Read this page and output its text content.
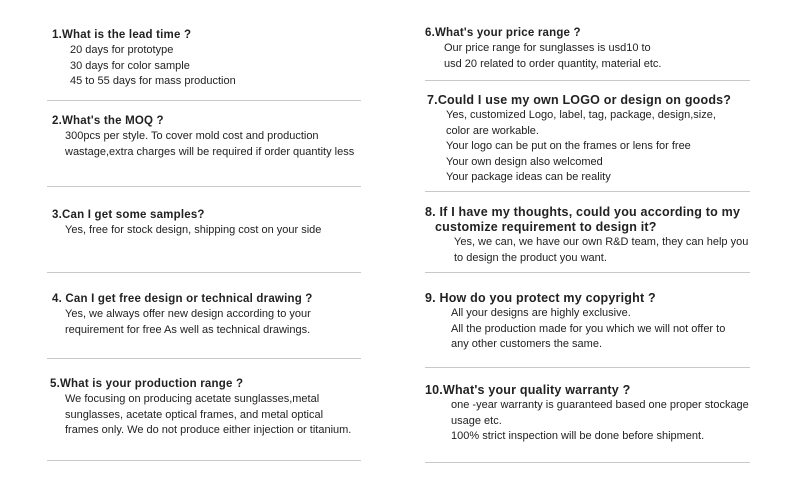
1.What is the lead time ?
20 days for prototype
30 days for color sample
45 to 55 days for mass production
2.What's the MOQ ?
300pcs per style. To cover mold cost and production
wastage,extra charges will be required if order quantity less
3.Can I get some samples?
Yes, free for stock design, shipping cost on your side
4. Can I get free design or technical drawing ?
Yes, we always offer new design according to your
requirement for free As well as technical drawings.
5.What is your production range ?
We focusing on producing acetate sunglasses,metal
sunglasses, acetate optical frames, and metal optical
frames only. We do not produce either injection or titanium.
6.What's your price range ?
Our price range for sunglasses is usd10 to
usd 20 related to order quantity, material etc.
7.Could I use my own LOGO or design on goods?
Yes, customized Logo, label, tag, package, design,size,
color are workable.
Your logo can be put on the frames or lens for free
Your own design also welcomed
Your package ideas can be reality
8. If I have my thoughts, could you according to my
customize requirement to design it?
Yes, we can, we have our own R&D team, they can help you
to design the product you want.
9. How do you protect my copyright ?
All your designs are highly exclusive.
All the production made for you which we will not offer to
any other customers the same.
10.What's your quality warranty ?
one -year warranty is guaranteed based one proper stockage
usage etc.
100% strict inspection will be done before shipment.
